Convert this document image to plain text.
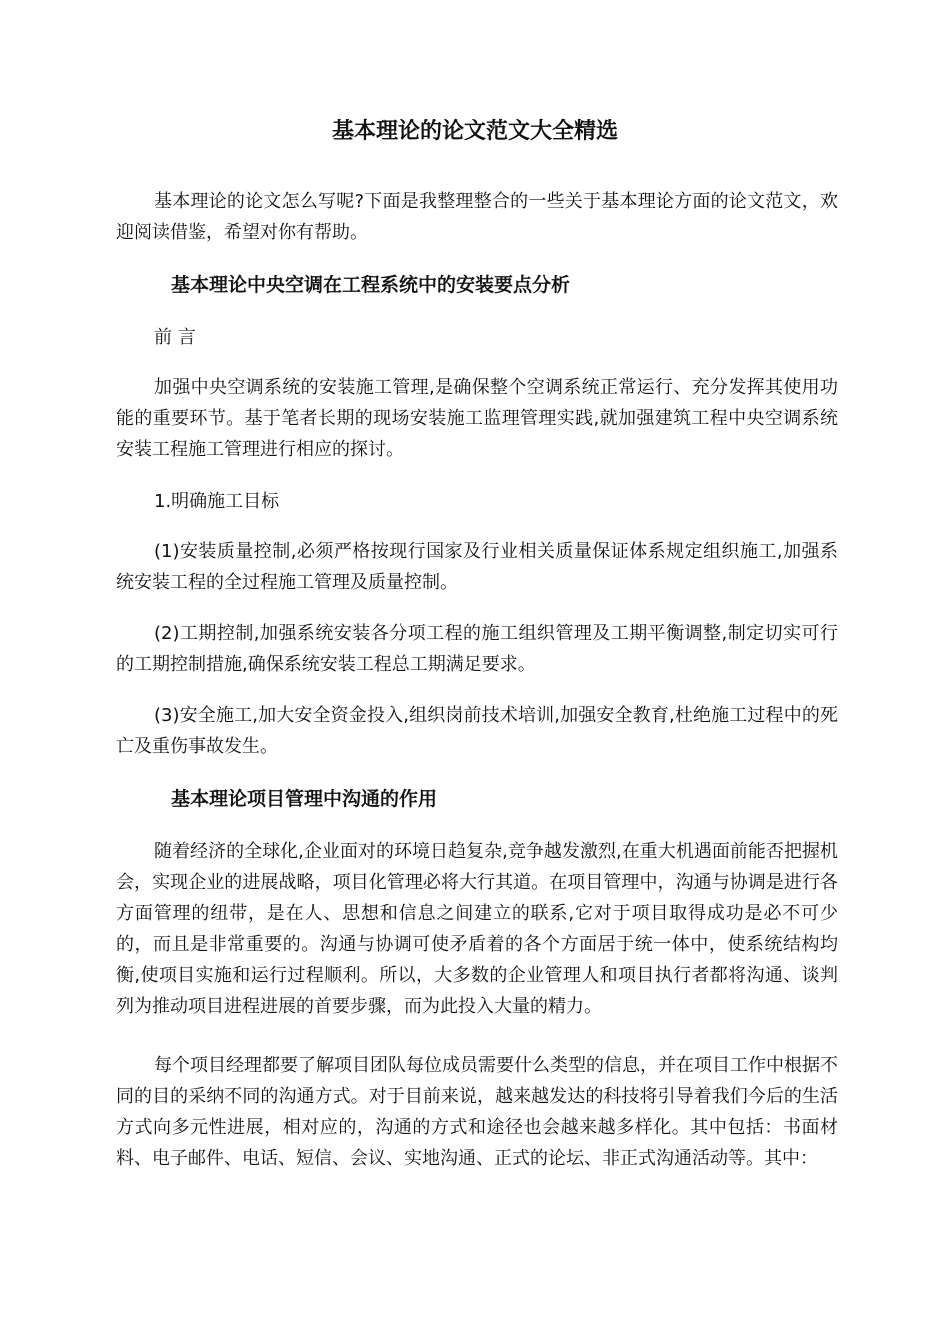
基本理论的论文范文大全精选

基本理论的论文怎么写呢?下面是我整理整合的一些关于基本理论方面的论文范文，欢迎阅读借鉴，希望对你有帮助。

基本理论中央空调在工程系统中的安装要点分析

前 言

加强中央空调系统的安装施工管理,是确保整个空调系统正常运行、充分发挥其使用功能的重要环节。基于笔者长期的现场安装施工监理管理实践,就加强建筑工程中央空调系统安装工程施工管理进行相应的探讨。

1.明确施工目标

(1)安装质量控制,必须严格按现行国家及行业相关质量保证体系规定组织施工,加强系统安装工程的全过程施工管理及质量控制。

(2)工期控制,加强系统安装各分项工程的施工组织管理及工期平衡调整,制定切实可行的工期控制措施,确保系统安装工程总工期满足要求。

(3)安全施工,加大安全资金投入,组织岗前技术培训,加强安全教育,杜绝施工过程中的死亡及重伤事故发生。

基本理论项目管理中沟通的作用

随着经济的全球化,企业面对的环境日趋复杂,竞争越发激烈,在重大机遇面前能否把握机会，实现企业的进展战略，项目化管理必将大行其道。在项目管理中，沟通与协调是进行各方面管理的纽带，是在人、思想和信息之间建立的联系,它对于项目取得成功是必不可少的，而且是非常重要的。沟通与协调可使矛盾着的各个方面居于统一体中，使系统结构均衡,使项目实施和运行过程顺利。所以，大多数的企业管理人和项目执行者都将沟通、谈判列为推动项目进程进展的首要步骤，而为此投入大量的精力。

每个项目经理都要了解项目团队每位成员需要什么类型的信息，并在项目工作中根据不同的目的采纳不同的沟通方式。对于目前来说，越来越发达的科技将引导着我们今后的生活方式向多元性进展，相对应的，沟通的方式和途径也会越来越多样化。其中包括：书面材料、电子邮件、电话、短信、会议、实地沟通、正式的论坛、非正式沟通活动等。其中：
